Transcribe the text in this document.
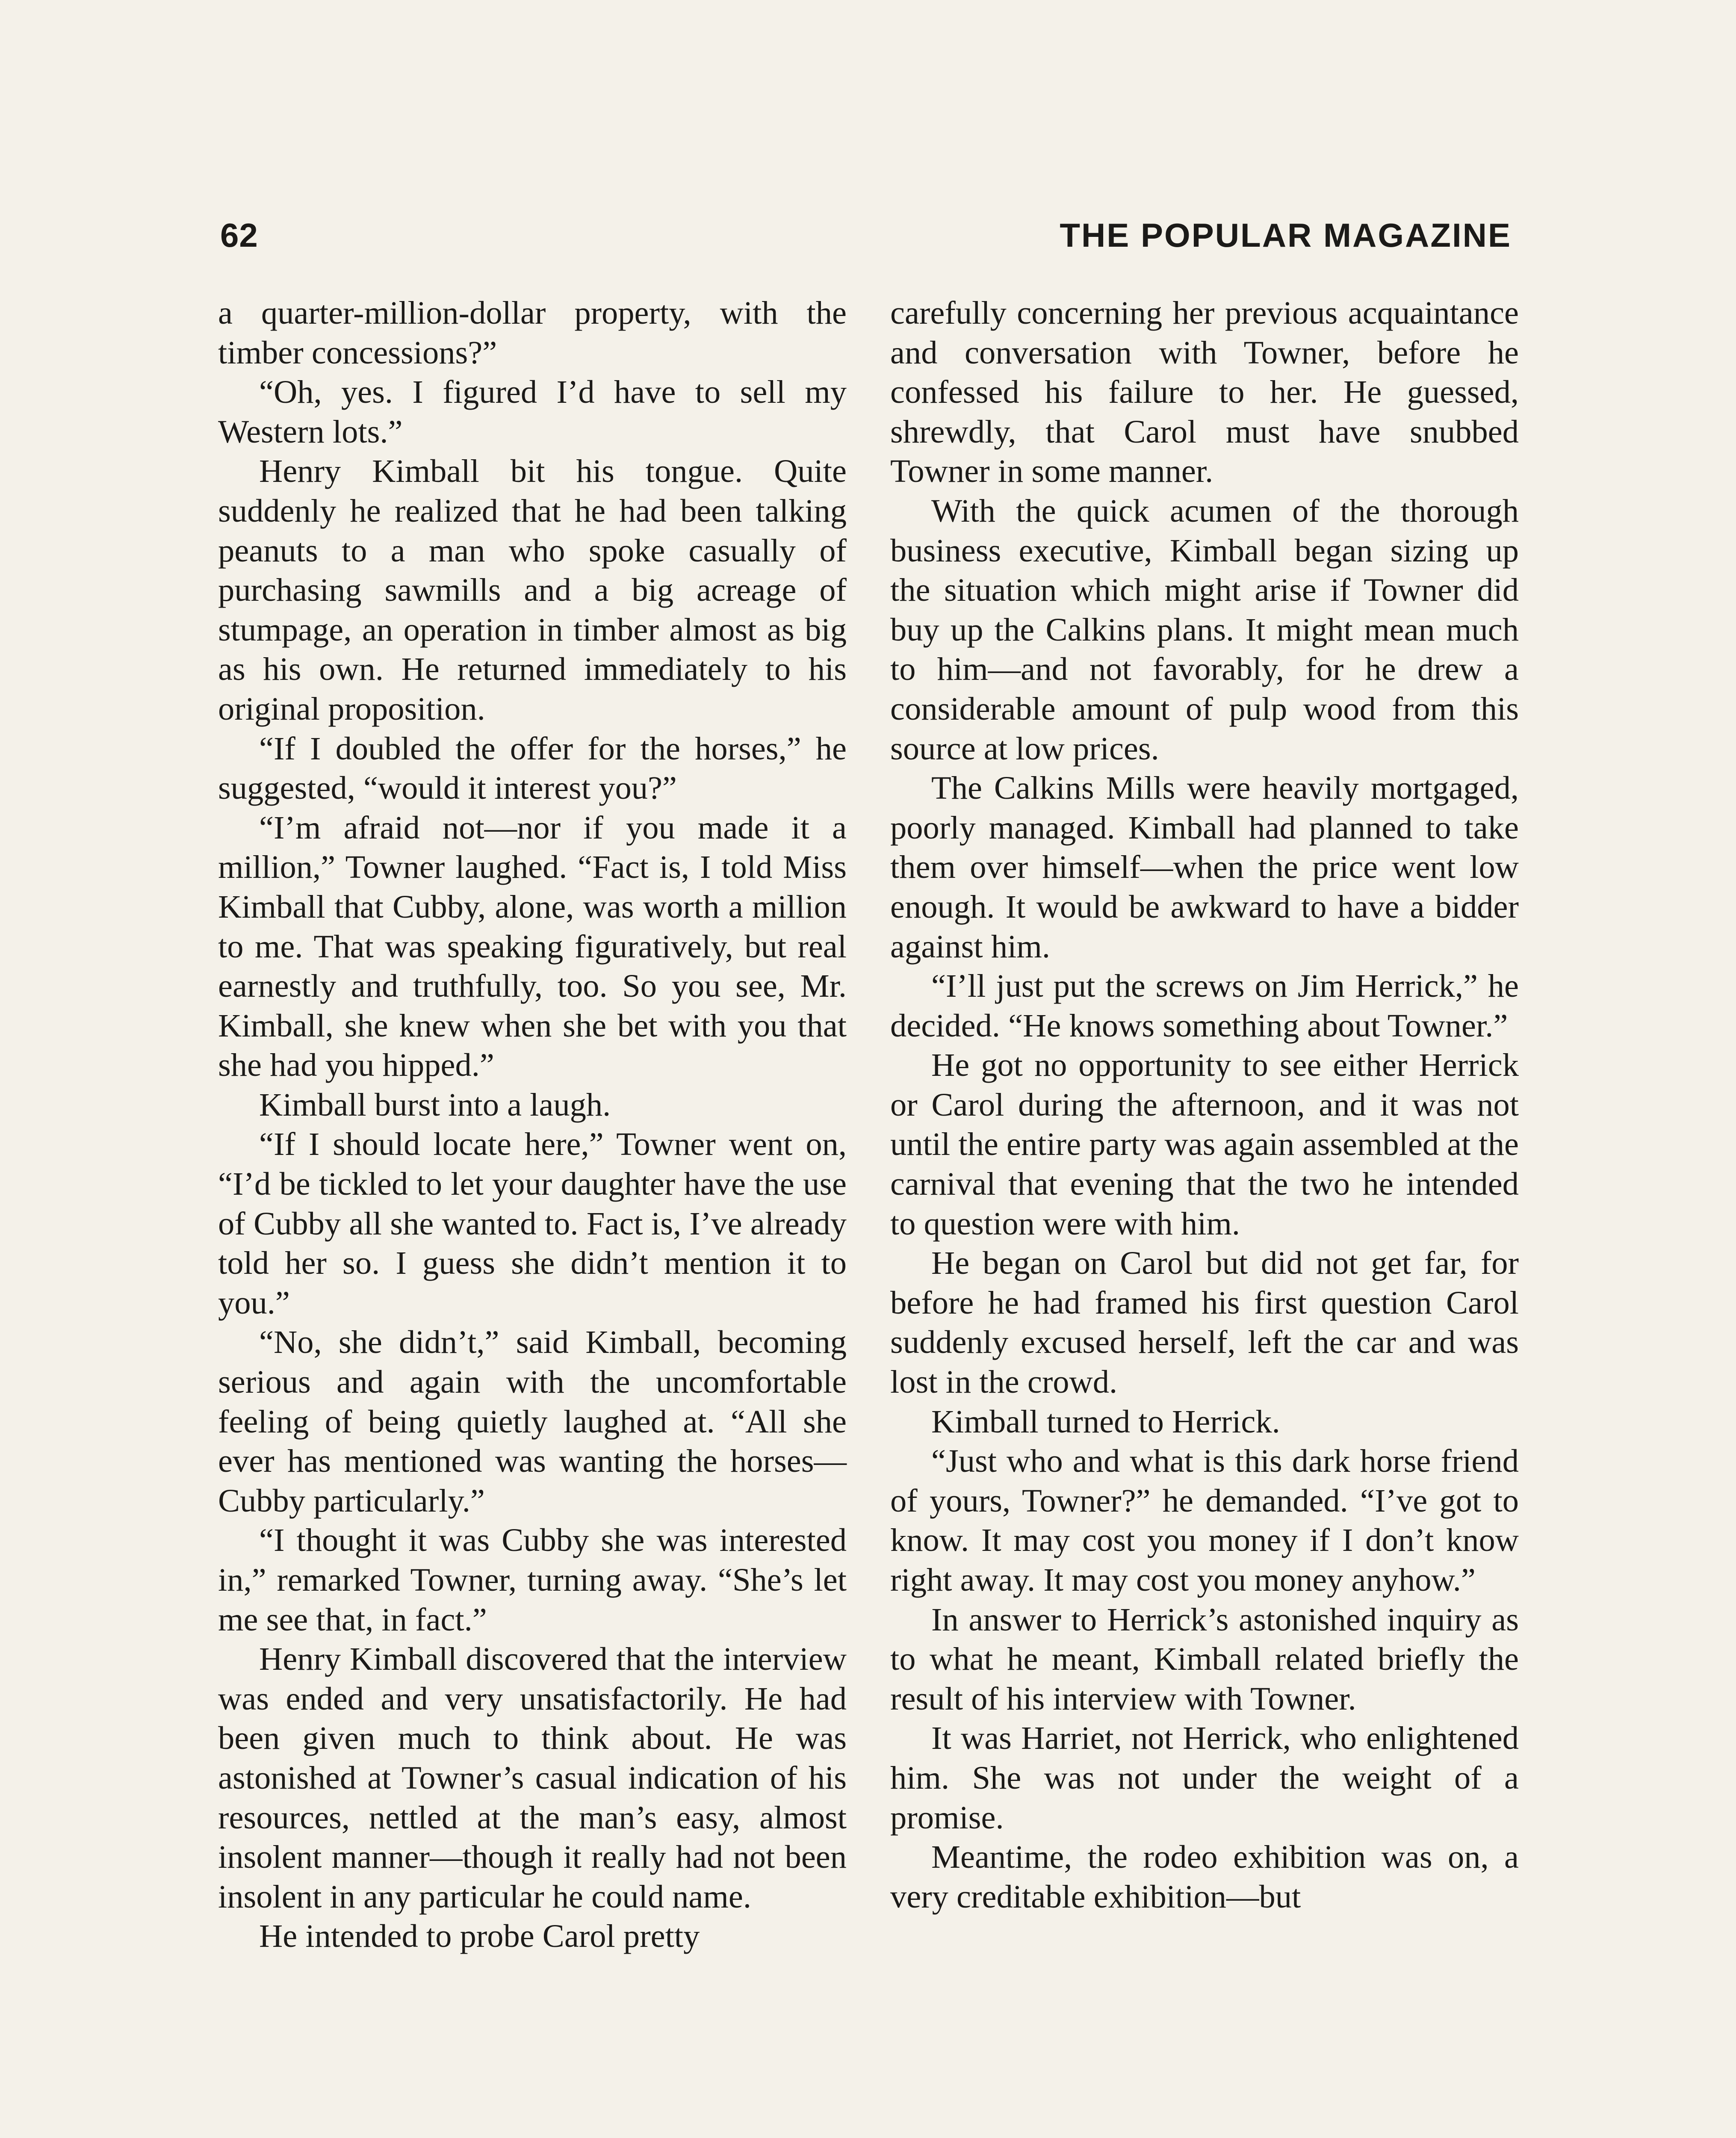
62	THE POPULAR MAGAZINE

a quarter-million-dollar property, with the timber concessions?”

“Oh, yes. I figured I’d have to sell my Western lots.”

Henry Kimball bit his tongue. Quite suddenly he realized that he had been talking peanuts to a man who spoke casually of purchasing sawmills and a big acreage of stumpage, an operation in timber almost as big as his own. He returned immediately to his original proposition.

“If I doubled the offer for the horses,” he suggested, “would it interest you?”

“I’m afraid not—nor if you made it a million,” Towner laughed. “Fact is, I told Miss Kimball that Cubby, alone, was worth a million to me. That was speaking figuratively, but real earnestly and truthfully, too. So you see, Mr. Kimball, she knew when she bet with you that she had you hipped.”

Kimball burst into a laugh.

“If I should locate here,” Towner went on, “I’d be tickled to let your daughter have the use of Cubby all she wanted to. Fact is, I’ve already told her so. I guess she didn’t mention it to you.”

“No, she didn’t,” said Kimball, becoming serious and again with the uncomfortable feeling of being quietly laughed at. “All she ever has mentioned was wanting the horses—Cubby particularly.”

“I thought it was Cubby she was interested in,” remarked Towner, turning away. “She’s let me see that, in fact.”

Henry Kimball discovered that the interview was ended and very unsatisfactorily. He had been given much to think about. He was astonished at Towner’s casual indication of his resources, nettled at the man’s easy, almost insolent manner—though it really had not been insolent in any particular he could name.

He intended to probe Carol pretty

carefully concerning her previous acquaintance and conversation with Towner, before he confessed his failure to her. He guessed, shrewdly, that Carol must have snubbed Towner in some manner.

With the quick acumen of the thorough business executive, Kimball began sizing up the situation which might arise if Towner did buy up the Calkins plans. It might mean much to him—and not favorably, for he drew a considerable amount of pulp wood from this source at low prices.

The Calkins Mills were heavily mortgaged, poorly managed. Kimball had planned to take them over himself—when the price went low enough. It would be awkward to have a bidder against him.

“I’ll just put the screws on Jim Herrick,” he decided. “He knows something about Towner.”

He got no opportunity to see either Herrick or Carol during the afternoon, and it was not until the entire party was again assembled at the carnival that evening that the two he intended to question were with him.

He began on Carol but did not get far, for before he had framed his first question Carol suddenly excused herself, left the car and was lost in the crowd.

Kimball turned to Herrick.

“Just who and what is this dark horse friend of yours, Towner?” he demanded. “I’ve got to know. It may cost you money if I don’t know right away. It may cost you money anyhow.”

In answer to Herrick’s astonished inquiry as to what he meant, Kimball related briefly the result of his interview with Towner.

It was Harriet, not Herrick, who enlightened him. She was not under the weight of a promise.

Meantime, the rodeo exhibition was on, a very creditable exhibition—but
